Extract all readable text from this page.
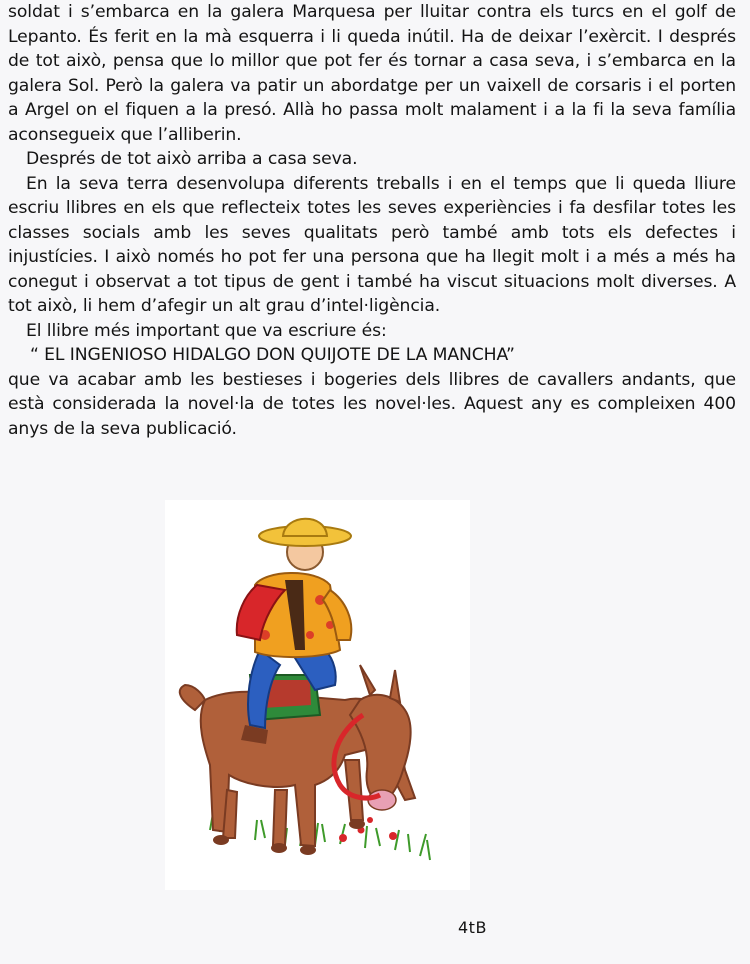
soldat i s’embarca en la galera Marquesa per lluitar contra els turcs en el golf de Lepanto. És ferit en la mà esquerra i li queda inútil. Ha de deixar l’exèrcit. I després de tot això, pensa que lo millor que pot fer és tornar a casa seva, i s’embarca en la galera Sol. Però la galera va patir un abordatge per un vaixell de corsaris i el porten a Argel on el fiquen a la presó. Allà ho passa molt malament i a la fi la seva família aconsegueix que l’alliberin.

Després de tot això arriba a casa seva.

En la seva terra desenvolupa diferents treballs i en el temps que li queda lliure escriu llibres en els que reflecteix totes les seves experiències i fa desfilar totes les classes socials amb les seves qualitats però també amb tots els defectes i injustícies. I això només ho pot fer una persona que ha llegit molt i a més a més ha conegut i observat a tot tipus de gent i també ha viscut situacions molt diverses. A tot això, li hem d’afegir un alt grau d’intel·ligència.

El llibre més important que va escriure és:

“ EL INGENIOSO HIDALGO DON QUIJOTE DE LA MANCHA”

que va acabar amb les bestieses i bogeries dels llibres de cavallers andants, que està considerada la novel·la de totes les novel·les. Aquest any es compleixen 400 anys de la seva publicació.

4tB
